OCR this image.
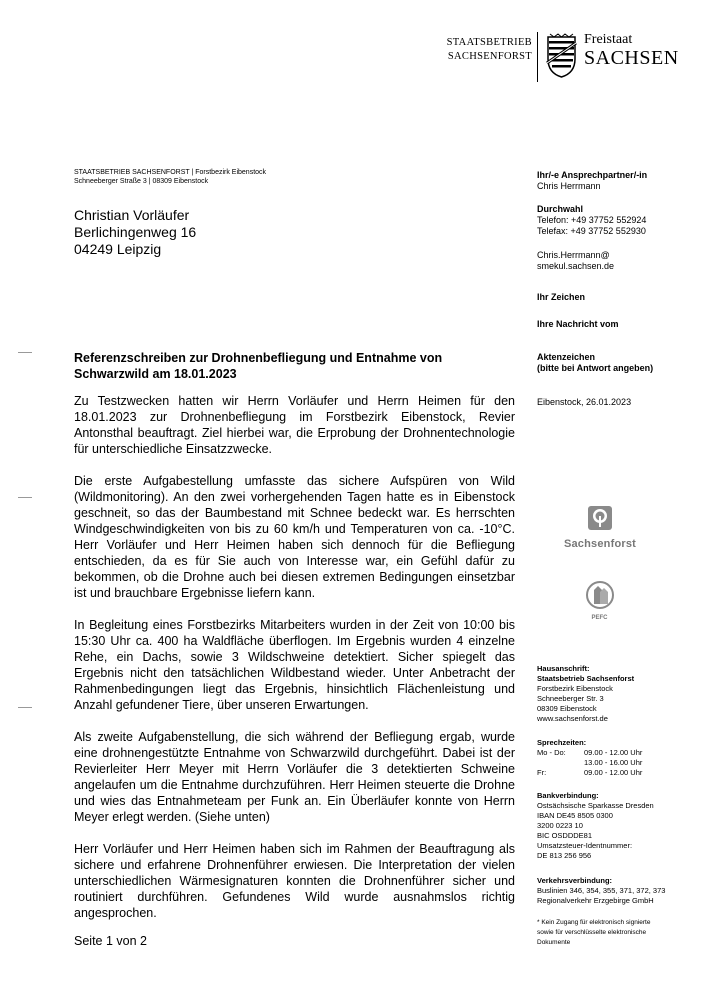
STAATSBETRIEB
SACHSENFORST
Freistaat
SACHSEN
STAATSBETRIEB SACHSENFORST | Forstbezirk Eibenstock
Schneeberger Straße 3 | 08309 Eibenstock
Christian Vorläufer
Berlichingenweg 16
04249 Leipzig
Referenzschreiben zur Drohnenbefliegung und Entnahme von
Schwarzwild am 18.01.2023

Zu Testzwecken hatten wir Herrn Vorläufer und Herrn Heimen für den 18.01.2023 zur Drohnenbefliegung im Forstbezirk Eibenstock, Revier Antonsthal beauftragt. Ziel hierbei war, die Erprobung der Drohnentechnologie für unterschiedliche Einsatzzwecke.

Die erste Aufgabestellung umfasste das sichere Aufspüren von Wild (Wildmonitoring). An den zwei vorhergehenden Tagen hatte es in Eibenstock geschneit, so das der Baumbestand mit Schnee bedeckt war. Es herrschten Windgeschwindigkeiten von bis zu 60 km/h und Temperaturen von ca. -10°C. Herr Vorläufer und Herr Heimen haben sich dennoch für die Befliegung entschieden, da es für Sie auch von Interesse war, ein Gefühl dafür zu bekommen, ob die Drohne auch bei diesen extremen Bedingungen einsetzbar ist und brauchbare Ergebnisse liefern kann.

In Begleitung eines Forstbezirks Mitarbeiters wurden in der Zeit von 10:00 bis 15:30 Uhr ca. 400 ha Waldfläche überflogen. Im Ergebnis wurden 4 einzelne Rehe, ein Dachs, sowie 3 Wildschweine detektiert. Sicher spiegelt das Ergebnis nicht den tatsächlichen Wildbestand wieder. Unter Anbetracht der Rahmenbedingungen liegt das Ergebnis, hinsichtlich Flächenleistung und Anzahl gefundener Tiere, über unseren Erwartungen.

Als zweite Aufgabenstellung, die sich während der Befliegung ergab, wurde eine drohnengestützte Entnahme von Schwarzwild durchgeführt. Dabei ist der Revierleiter Herr Meyer mit Herrn Vorläufer die 3 detektierten Schweine angelaufen um die Entnahme durchzuführen. Herr Heimen steuerte die Drohne und wies das Entnahmeteam per Funk an. Ein Überläufer konnte von Herrn Meyer erlegt werden. (Siehe unten)

Herr Vorläufer und Herr Heimen haben sich im Rahmen der Beauftragung als sichere und erfahrene Drohnenführer erwiesen. Die Interpretation der vielen unterschiedlichen Wärmesignaturen konnten die Drohnenführer sicher und routiniert durchführen. Gefundenes Wild wurde ausnahmslos richtig angesprochen.

Seite 1 von 2
Ihr/-e Ansprechpartner/-in
Chris Herrmann
Durchwahl
Telefon: +49 37752 552924
Telefax: +49 37752 552930
Chris.Herrmann@
smekul.sachsen.de
Ihr Zeichen
Ihre Nachricht vom
Aktenzeichen
(bitte bei Antwort angeben)
Eibenstock, 26.01.2023
Sachsenforst
PEFC
Hausanschrift:
Staatsbetrieb Sachsenforst
Forstbezirk Eibenstock
Schneeberger Str. 3
08309 Eibenstock
www.sachsenforst.de
Sprechzeiten:
Mo - Do:	09.00 - 12.00 Uhr
13.00 - 16.00 Uhr
Fr:	09.00 - 12.00 Uhr
Bankverbindung:
Ostsächsische Sparkasse Dresden
IBAN DE45 8505 0300
3200 0223 10
BIC OSDDDE81
Umsatzsteuer-Identnummer:
DE 813 256 956
Verkehrsverbindung:
Buslinien 346, 354, 355, 371, 372, 373
Regionalverkehr Erzgebirge GmbH
* Kein Zugang für elektronisch signierte
sowie für verschlüsselte elektronische
Dokumente
